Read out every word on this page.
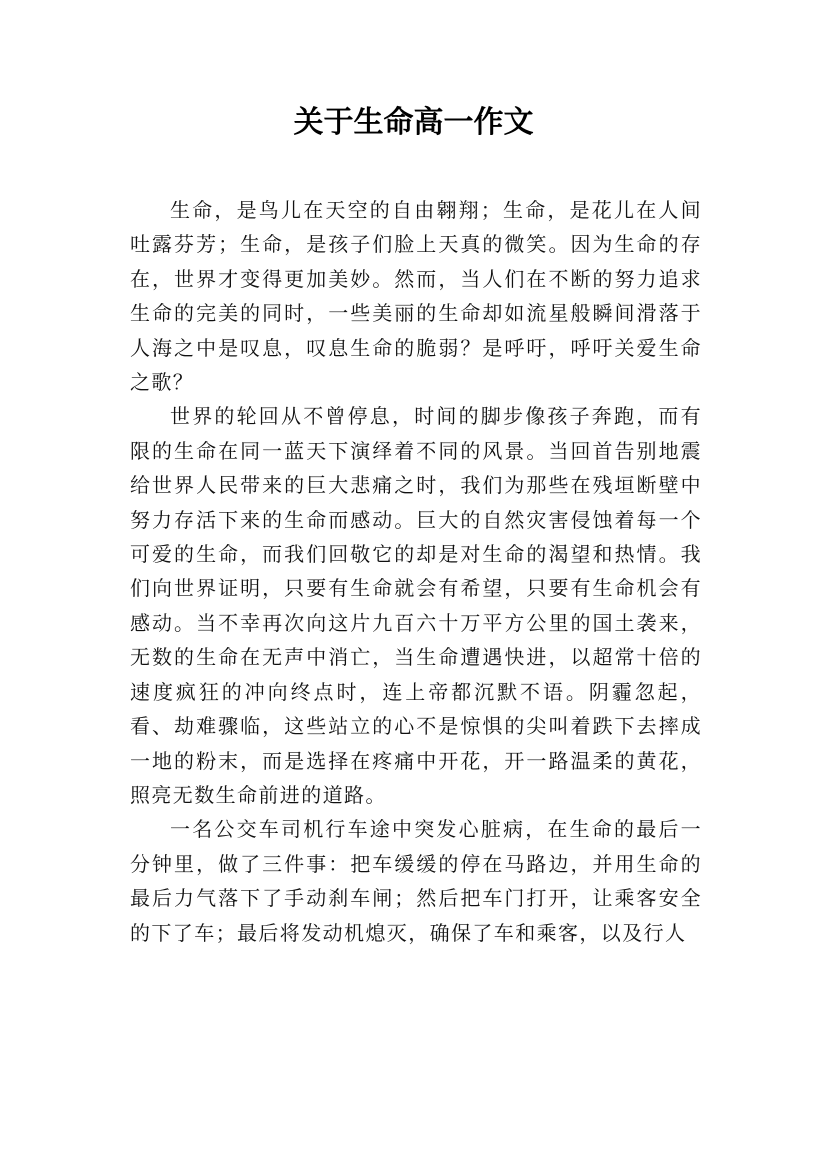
关于生命高一作文

生命，是鸟儿在天空的自由翱翔；生命，是花儿在人间吐露芬芳；生命，是孩子们脸上天真的微笑。因为生命的存在，世界才变得更加美妙。然而，当人们在不断的努力追求生命的完美的同时，一些美丽的生命却如流星般瞬间滑落于人海之中是叹息，叹息生命的脆弱？是呼吁，呼吁关爱生命之歌？

世界的轮回从不曾停息，时间的脚步像孩子奔跑，而有限的生命在同一蓝天下演绎着不同的风景。当回首告别地震给世界人民带来的巨大悲痛之时，我们为那些在残垣断壁中努力存活下来的生命而感动。巨大的自然灾害侵蚀着每一个可爱的生命，而我们回敬它的却是对生命的渴望和热情。我们向世界证明，只要有生命就会有希望，只要有生命机会有感动。当不幸再次向这片九百六十万平方公里的国土袭来，无数的生命在无声中消亡，当生命遭遇快进，以超常十倍的速度疯狂的冲向终点时，连上帝都沉默不语。阴霾忽起，看、劫难骤临，这些站立的心不是惊惧的尖叫着跌下去摔成一地的粉末，而是选择在疼痛中开花，开一路温柔的黄花，照亮无数生命前进的道路。

一名公交车司机行车途中突发心脏病，在生命的最后一分钟里，做了三件事：把车缓缓的停在马路边，并用生命的最后力气落下了手动刹车闸；然后把车门打开，让乘客安全的下了车；最后将发动机熄灭，确保了车和乘客，以及行人
